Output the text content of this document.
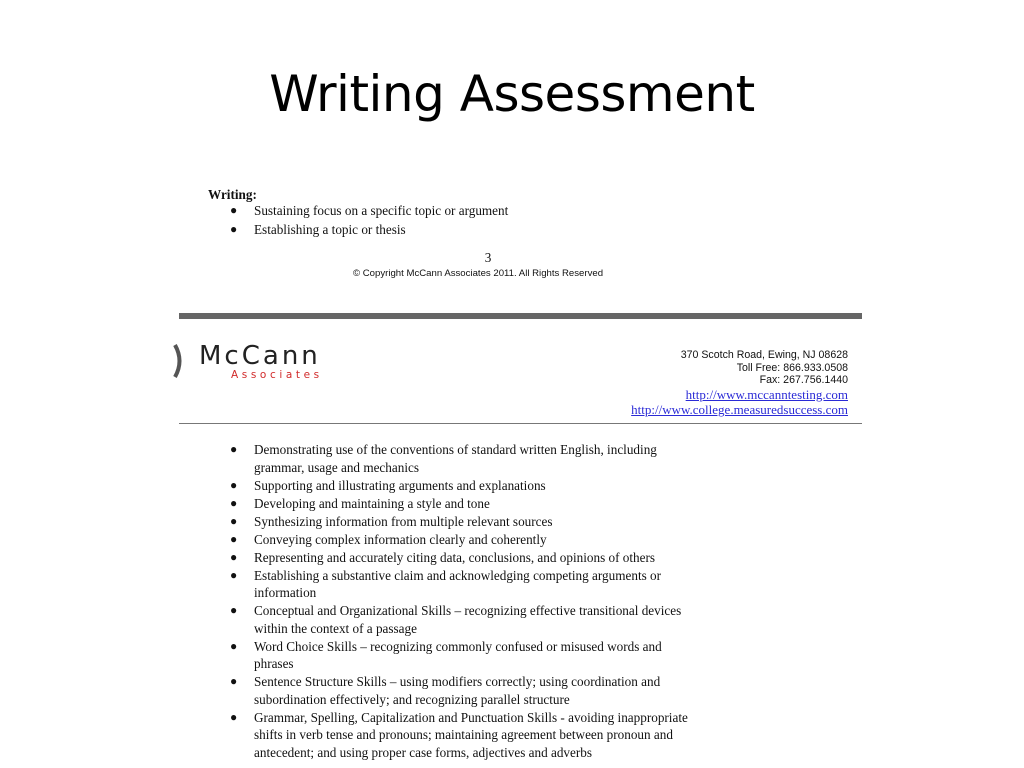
Writing Assessment
Writing:
● Sustaining focus on a specific topic or argument
● Establishing a topic or thesis
3
© Copyright McCann Associates 2011. All Rights Reserved
McCann
Associates
370 Scotch Road, Ewing, NJ 08628
Toll Free: 866.933.0508
Fax: 267.756.1440
http://www.mccanntesting.com
http://www.college.measuredsuccess.com
● Demonstrating use of the conventions of standard written English, including
grammar, usage and mechanics
● Supporting and illustrating arguments and explanations
● Developing and maintaining a style and tone
● Synthesizing information from multiple relevant sources
● Conveying complex information clearly and coherently
● Representing and accurately citing data, conclusions, and opinions of others
● Establishing a substantive claim and acknowledging competing arguments or
information
● Conceptual and Organizational Skills – recognizing effective transitional devices
within the context of a passage
● Word Choice Skills – recognizing commonly confused or misused words and
phrases
● Sentence Structure Skills – using modifiers correctly; using coordination and
subordination effectively; and recognizing parallel structure
● Grammar, Spelling, Capitalization and Punctuation Skills - avoiding inappropriate
shifts in verb tense and pronouns; maintaining agreement between pronoun and
antecedent; and using proper case forms, adjectives and adverbs
